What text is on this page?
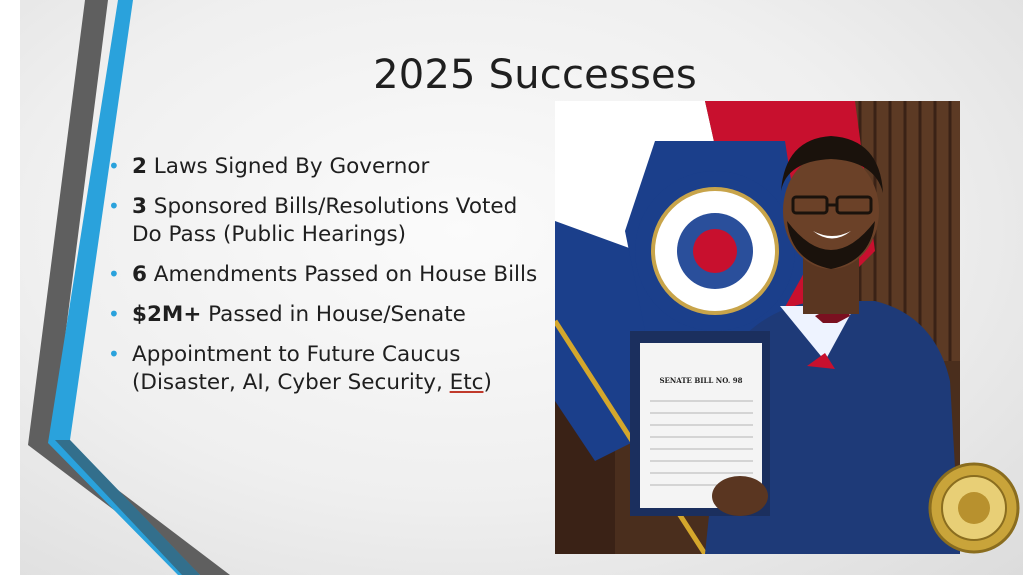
2025 Successes
• 2 Laws Signed By Governor
• 3 Sponsored Bills/Resolutions Voted Do Pass (Public Hearings)
• 6 Amendments Passed on House Bills
• $2M+ Passed in House/Senate
• Appointment to Future Caucus (Disaster, AI, Cyber Security, Etc)	SENATE BILL NO. 98
